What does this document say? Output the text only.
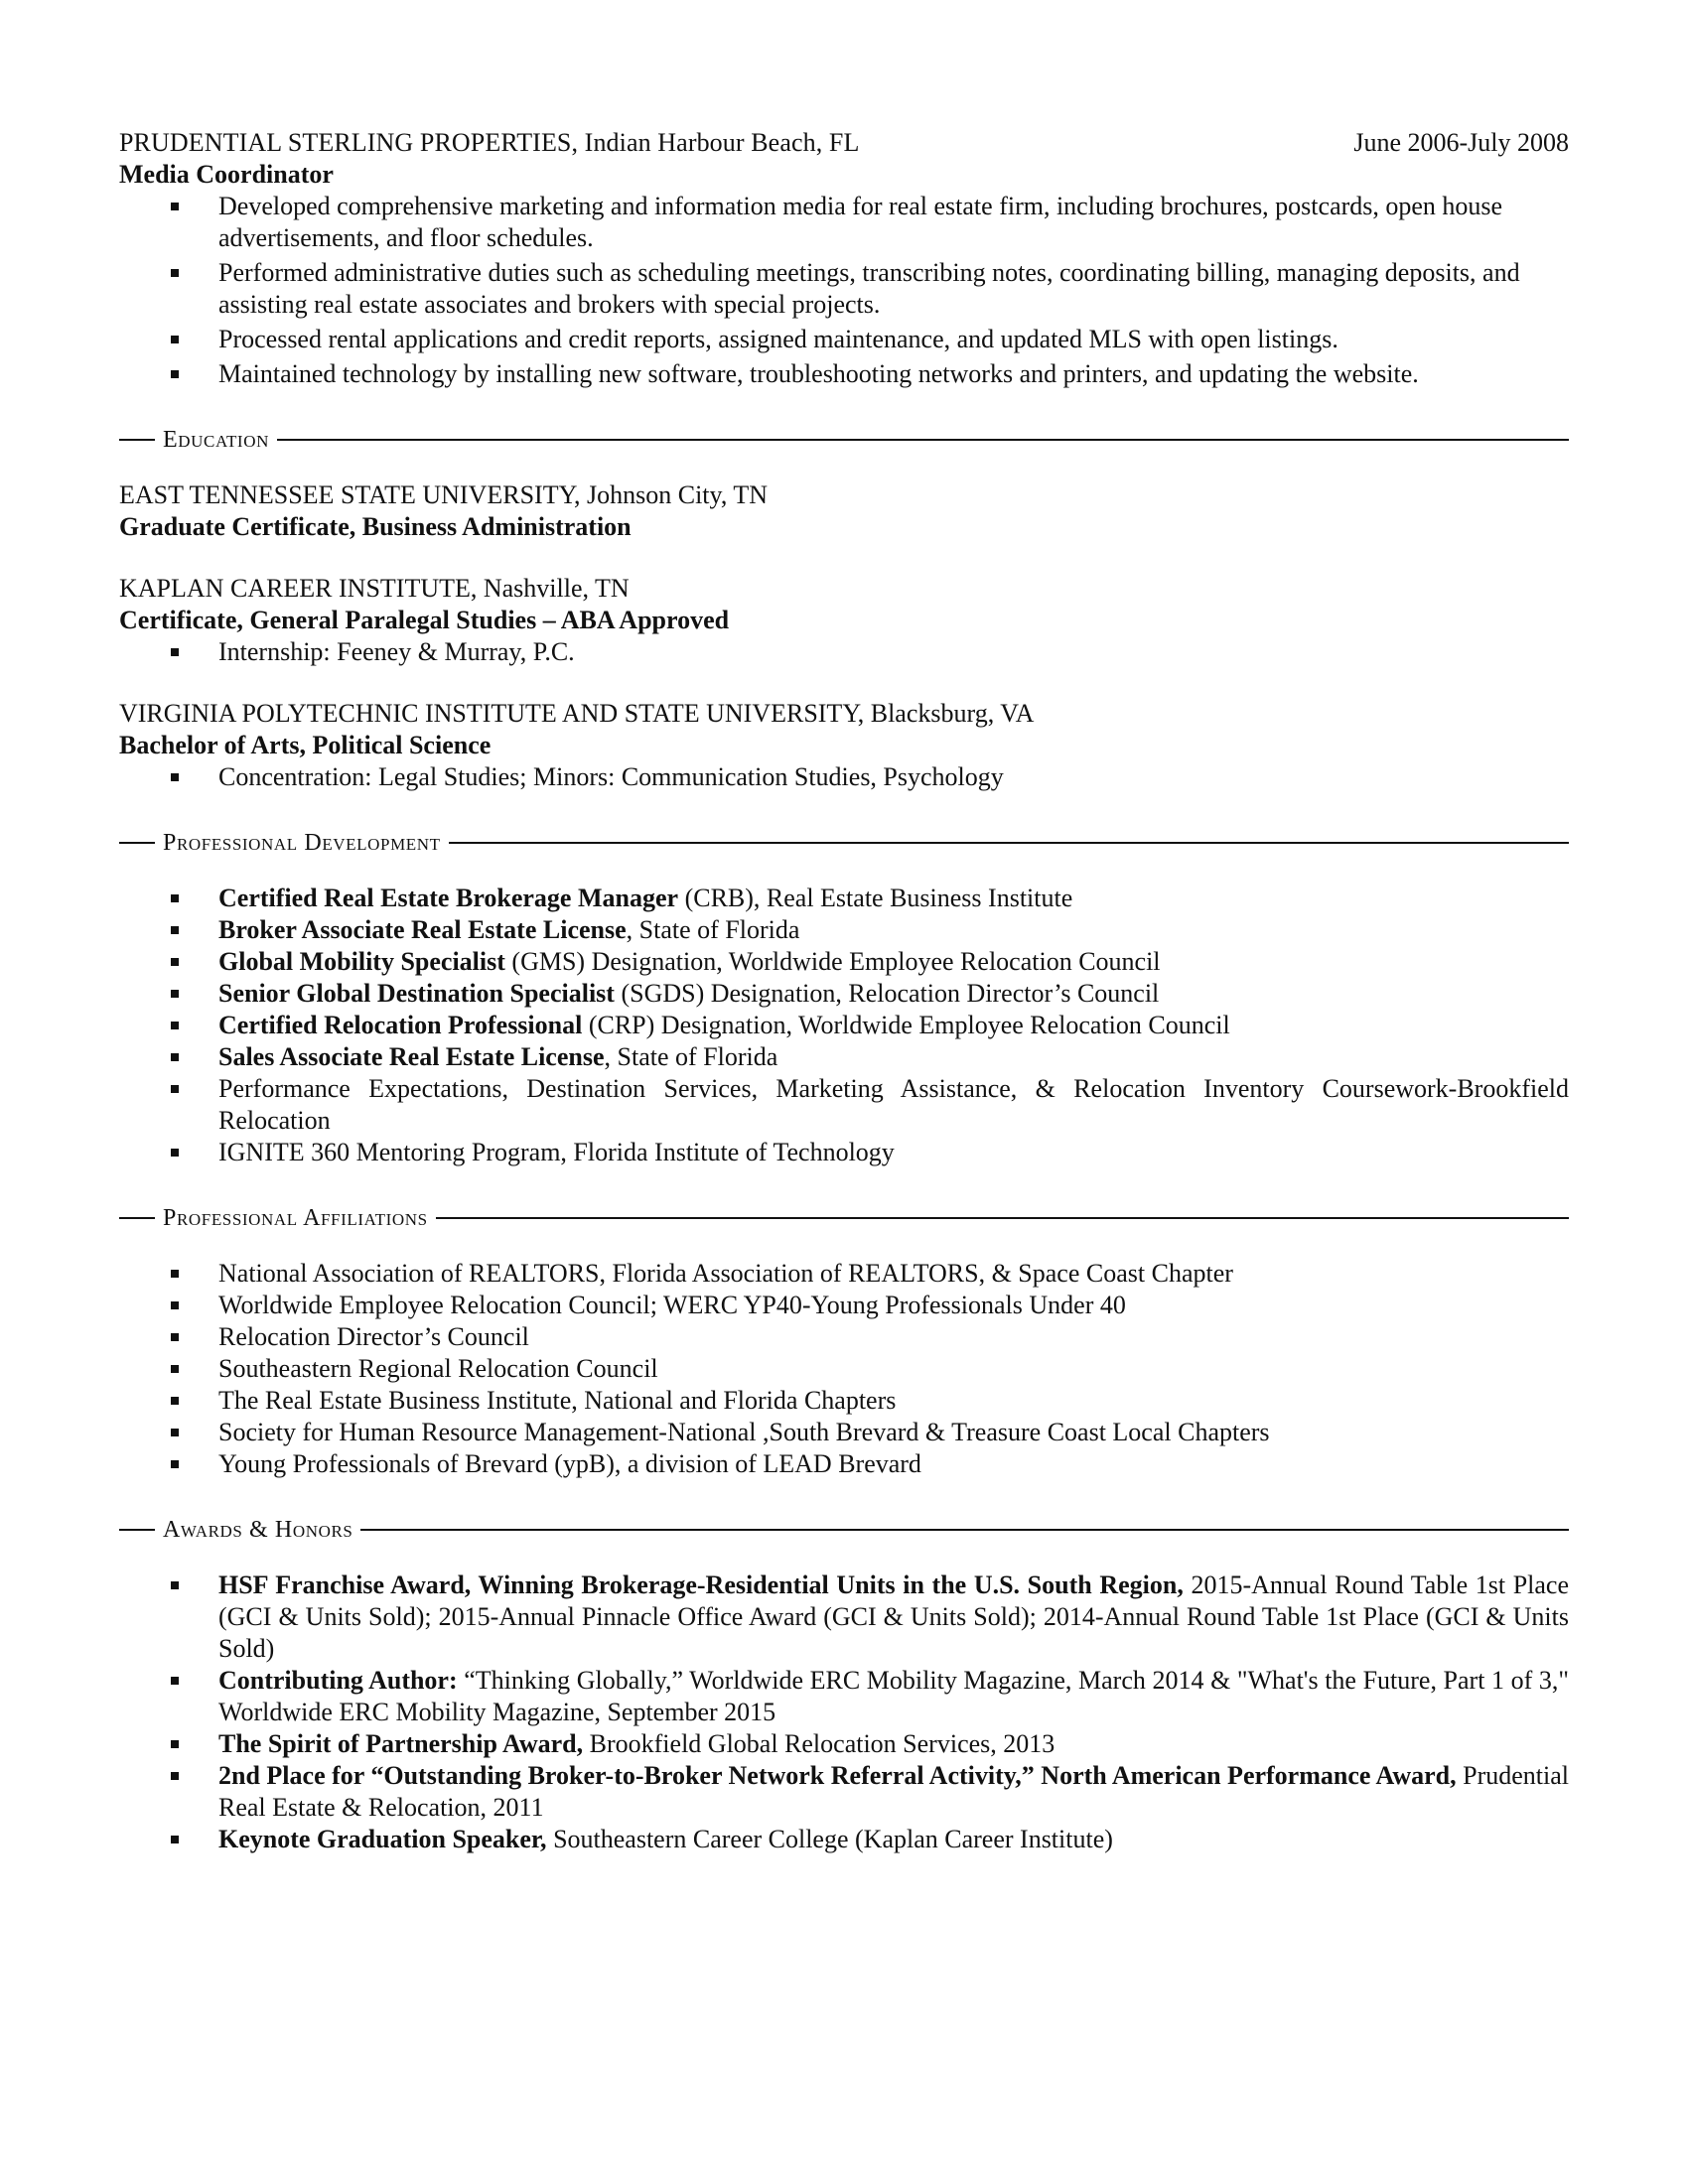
PRUDENTIAL STERLING PROPERTIES, Indian Harbour Beach, FL	June 2006-July 2008
Media Coordinator
Developed comprehensive marketing and information media for real estate firm, including brochures, postcards, open house advertisements, and floor schedules.
Performed administrative duties such as scheduling meetings, transcribing notes, coordinating billing, managing deposits, and assisting real estate associates and brokers with special projects.
Processed rental applications and credit reports, assigned maintenance, and updated MLS with open listings.
Maintained technology by installing new software, troubleshooting networks and printers, and updating the website.
Education
EAST TENNESSEE STATE UNIVERSITY, Johnson City, TN
Graduate Certificate, Business Administration
KAPLAN CAREER INSTITUTE, Nashville, TN
Certificate, General Paralegal Studies – ABA Approved
Internship: Feeney & Murray, P.C.
VIRGINIA POLYTECHNIC INSTITUTE AND STATE UNIVERSITY, Blacksburg, VA
Bachelor of Arts, Political Science
Concentration: Legal Studies; Minors: Communication Studies, Psychology
Professional Development
Certified Real Estate Brokerage Manager (CRB), Real Estate Business Institute
Broker Associate Real Estate License, State of Florida
Global Mobility Specialist (GMS) Designation, Worldwide Employee Relocation Council
Senior Global Destination Specialist (SGDS) Designation, Relocation Director’s Council
Certified Relocation Professional (CRP) Designation, Worldwide Employee Relocation Council
Sales Associate Real Estate License, State of Florida
Performance Expectations, Destination Services, Marketing Assistance, & Relocation Inventory Coursework-Brookfield Relocation
IGNITE 360 Mentoring Program, Florida Institute of Technology
Professional Affiliations
National Association of REALTORS, Florida Association of REALTORS, & Space Coast Chapter
Worldwide Employee Relocation Council; WERC YP40-Young Professionals Under 40
Relocation Director’s Council
Southeastern Regional Relocation Council
The Real Estate Business Institute, National and Florida Chapters
Society for Human Resource Management-National ,South Brevard & Treasure Coast Local Chapters
Young Professionals of Brevard (ypB), a division of LEAD Brevard
Awards & Honors
HSF Franchise Award, Winning Brokerage-Residential Units in the U.S. South Region, 2015-Annual Round Table 1st Place (GCI & Units Sold); 2015-Annual Pinnacle Office Award (GCI & Units Sold); 2014-Annual Round Table 1st Place (GCI & Units Sold)
Contributing Author: “Thinking Globally,” Worldwide ERC Mobility Magazine, March 2014 & "What's the Future, Part 1 of 3," Worldwide ERC Mobility Magazine, September 2015
The Spirit of Partnership Award, Brookfield Global Relocation Services, 2013
2nd Place for “Outstanding Broker-to-Broker Network Referral Activity,” North American Performance Award, Prudential Real Estate & Relocation, 2011
Keynote Graduation Speaker, Southeastern Career College (Kaplan Career Institute)
